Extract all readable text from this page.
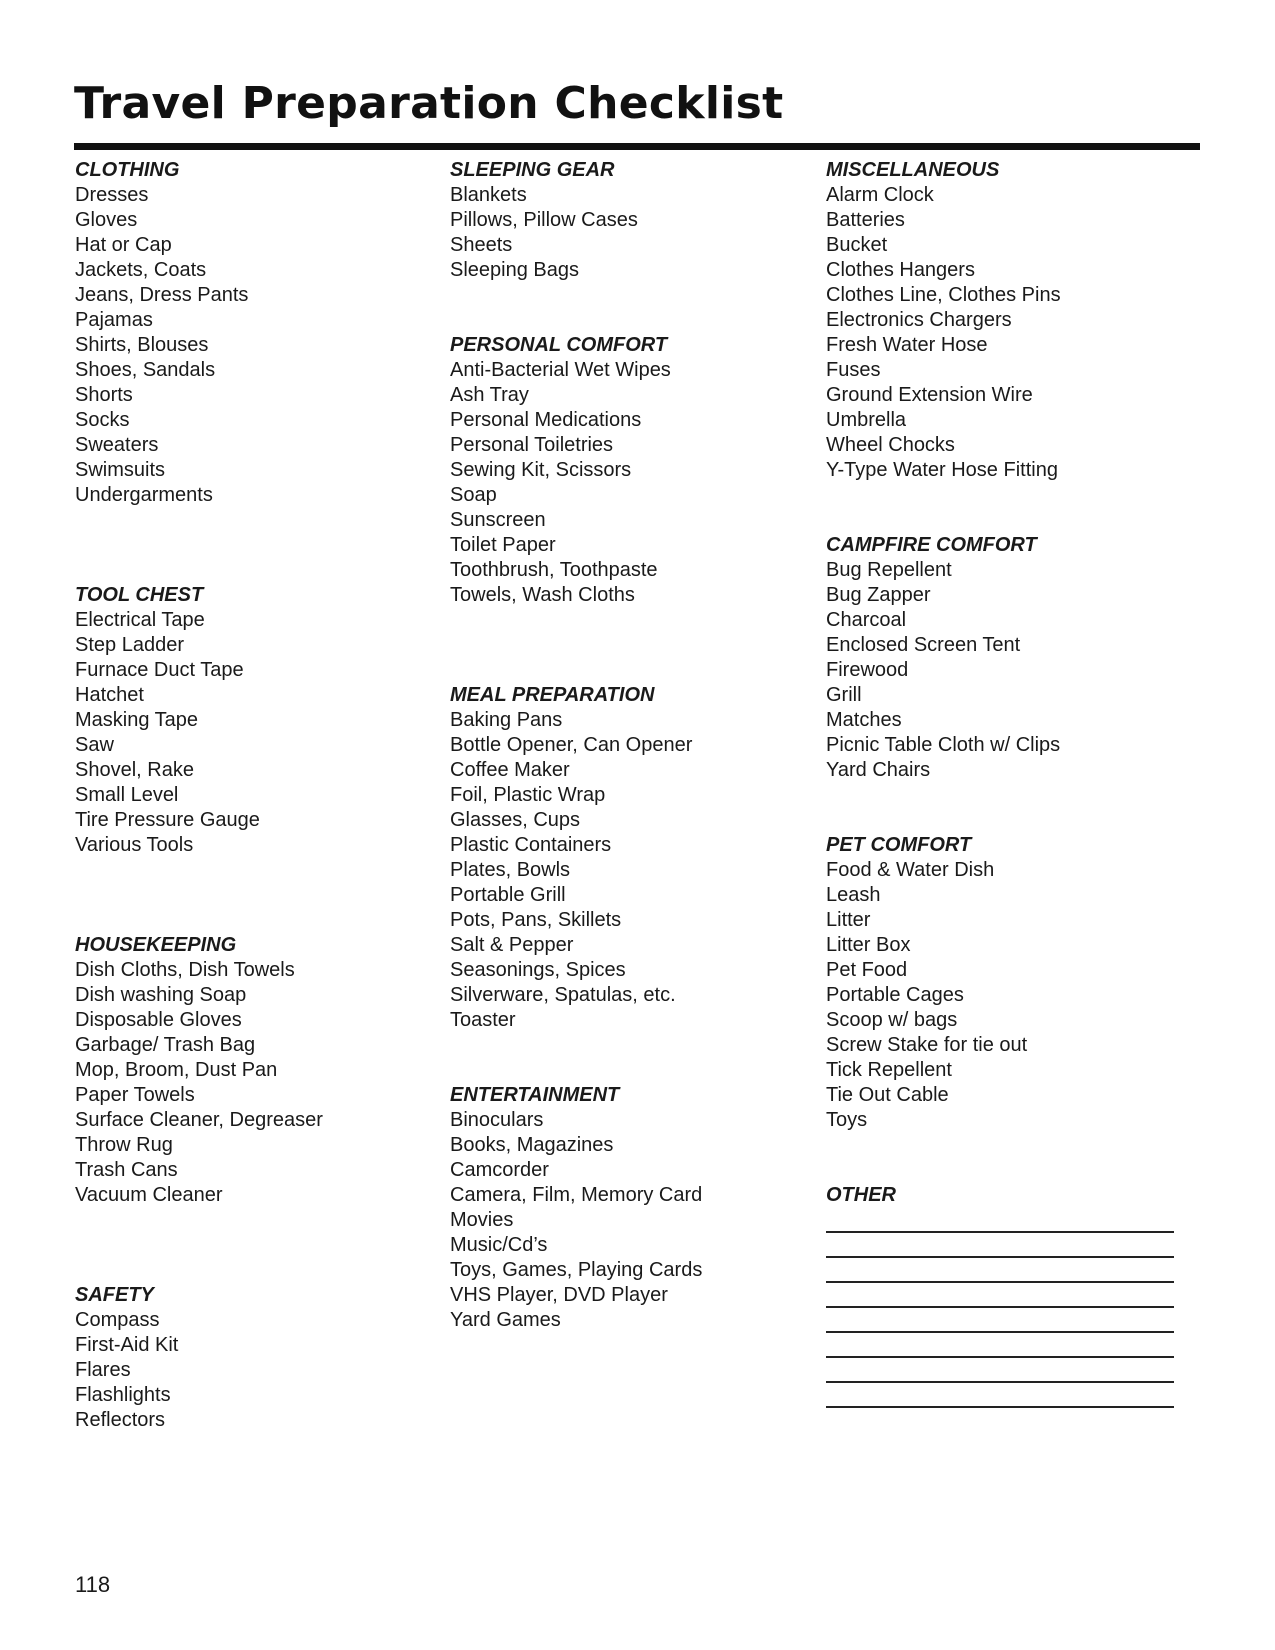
Travel Preparation Checklist
CLOTHING
Dresses
Gloves
Hat or Cap
Jackets, Coats
Jeans, Dress Pants
Pajamas
Shirts, Blouses
Shoes, Sandals
Shorts
Socks
Sweaters
Swimsuits
Undergarments
TOOL CHEST
Electrical Tape
Step Ladder
Furnace Duct Tape
Hatchet
Masking Tape
Saw
Shovel, Rake
Small Level
Tire Pressure Gauge
Various Tools
HOUSEKEEPING
Dish Cloths, Dish Towels
Dish washing Soap
Disposable Gloves
Garbage/ Trash Bag
Mop, Broom, Dust Pan
Paper Towels
Surface Cleaner, Degreaser
Throw Rug
Trash Cans
Vacuum Cleaner
SAFETY
Compass
First-Aid Kit
Flares
Flashlights
Reflectors
SLEEPING GEAR
Blankets
Pillows, Pillow Cases
Sheets
Sleeping Bags
PERSONAL COMFORT
Anti-Bacterial Wet Wipes
Ash Tray
Personal Medications
Personal Toiletries
Sewing Kit, Scissors
Soap
Sunscreen
Toilet Paper
Toothbrush, Toothpaste
Towels, Wash Cloths
MEAL PREPARATION
Baking Pans
Bottle Opener, Can Opener
Coffee Maker
Foil, Plastic Wrap
Glasses, Cups
Plastic Containers
Plates, Bowls
Portable Grill
Pots, Pans, Skillets
Salt & Pepper
Seasonings, Spices
Silverware, Spatulas, etc.
Toaster
ENTERTAINMENT
Binoculars
Books, Magazines
Camcorder
Camera, Film, Memory Card
Movies
Music/Cd’s
Toys, Games, Playing Cards
VHS Player, DVD Player
Yard Games
MISCELLANEOUS
Alarm Clock
Batteries
Bucket
Clothes Hangers
Clothes Line, Clothes Pins
Electronics Chargers
Fresh Water Hose
Fuses
Ground Extension Wire
Umbrella
Wheel Chocks
Y-Type Water Hose Fitting
CAMPFIRE COMFORT
Bug Repellent
Bug Zapper
Charcoal
Enclosed Screen Tent
Firewood
Grill
Matches
Picnic Table Cloth w/ Clips
Yard Chairs
PET COMFORT
Food & Water Dish
Leash
Litter
Litter Box
Pet Food
Portable Cages
Scoop w/ bags
Screw Stake for tie out
Tick Repellent
Tie Out Cable
Toys
OTHER
118
